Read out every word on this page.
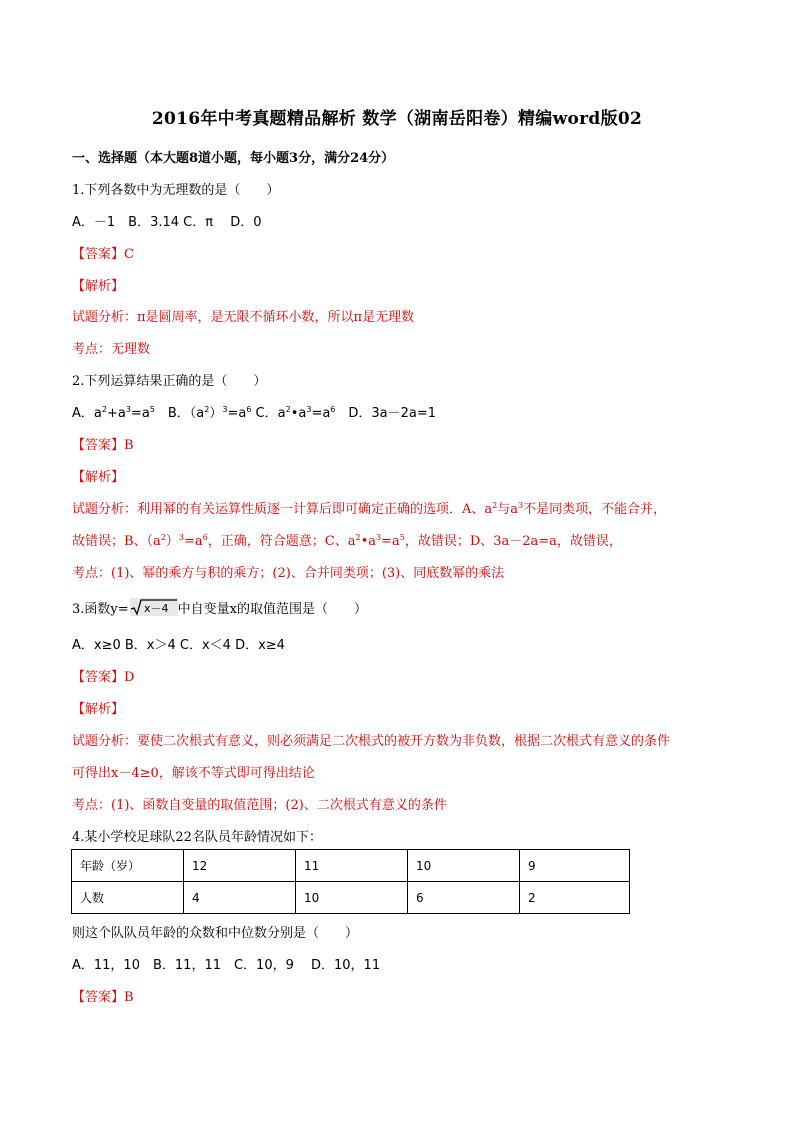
2016年中考真题精品解析 数学（湖南岳阳卷）精编word版02
一、选择题（本大题8道小题，每小题3分，满分24分）
1.下列各数中为无理数的是（　　）
A．－1　B．3.14 C．π　 D．0
【答案】C
【解析】
试题分析：π是圆周率，是无限不循环小数，所以π是无理数
考点：无理数
2.下列运算结果正确的是（　　）
A．$a^2+a^3=a^5$　B．$(a^2)^3=a^6$ C．$a^2•a^3=a^6$　D．3a－2a=1
【答案】B
【解析】
试题分析：利用幂的有关运算性质逐一计算后即可确定正确的选项．A、$a^2$与$a^3$不是同类项，不能合并，
故错误；B、$(a^2)^3=a^6$，正确，符合题意；C、$a^2•a^3=a^5$，故错误；D、3a－2a=a，故错误，
考点：(1)、幂的乘方与积的乘方；(2)、合并同类项；(3)、同底数幂的乘法
3.函数y= x－4 中自变量x的取值范围是（　　）
A．x≥0 B．x＞4 C．x＜4 D．x≥4
【答案】D
【解析】
试题分析：要使二次根式有意义，则必须满足二次根式的被开方数为非负数，根据二次根式有意义的条件
可得出x－4≥0，解该不等式即可得出结论
考点：(1)、函数自变量的取值范围；(2)、二次根式有意义的条件
4.某小学校足球队22名队员年龄情况如下：
年龄（岁）	12	11	10	9
人数	4	10	6	2
则这个队队员年龄的众数和中位数分别是（　　）
A．11，10　B．11，11　C．10，9　 D．10，11
【答案】B
